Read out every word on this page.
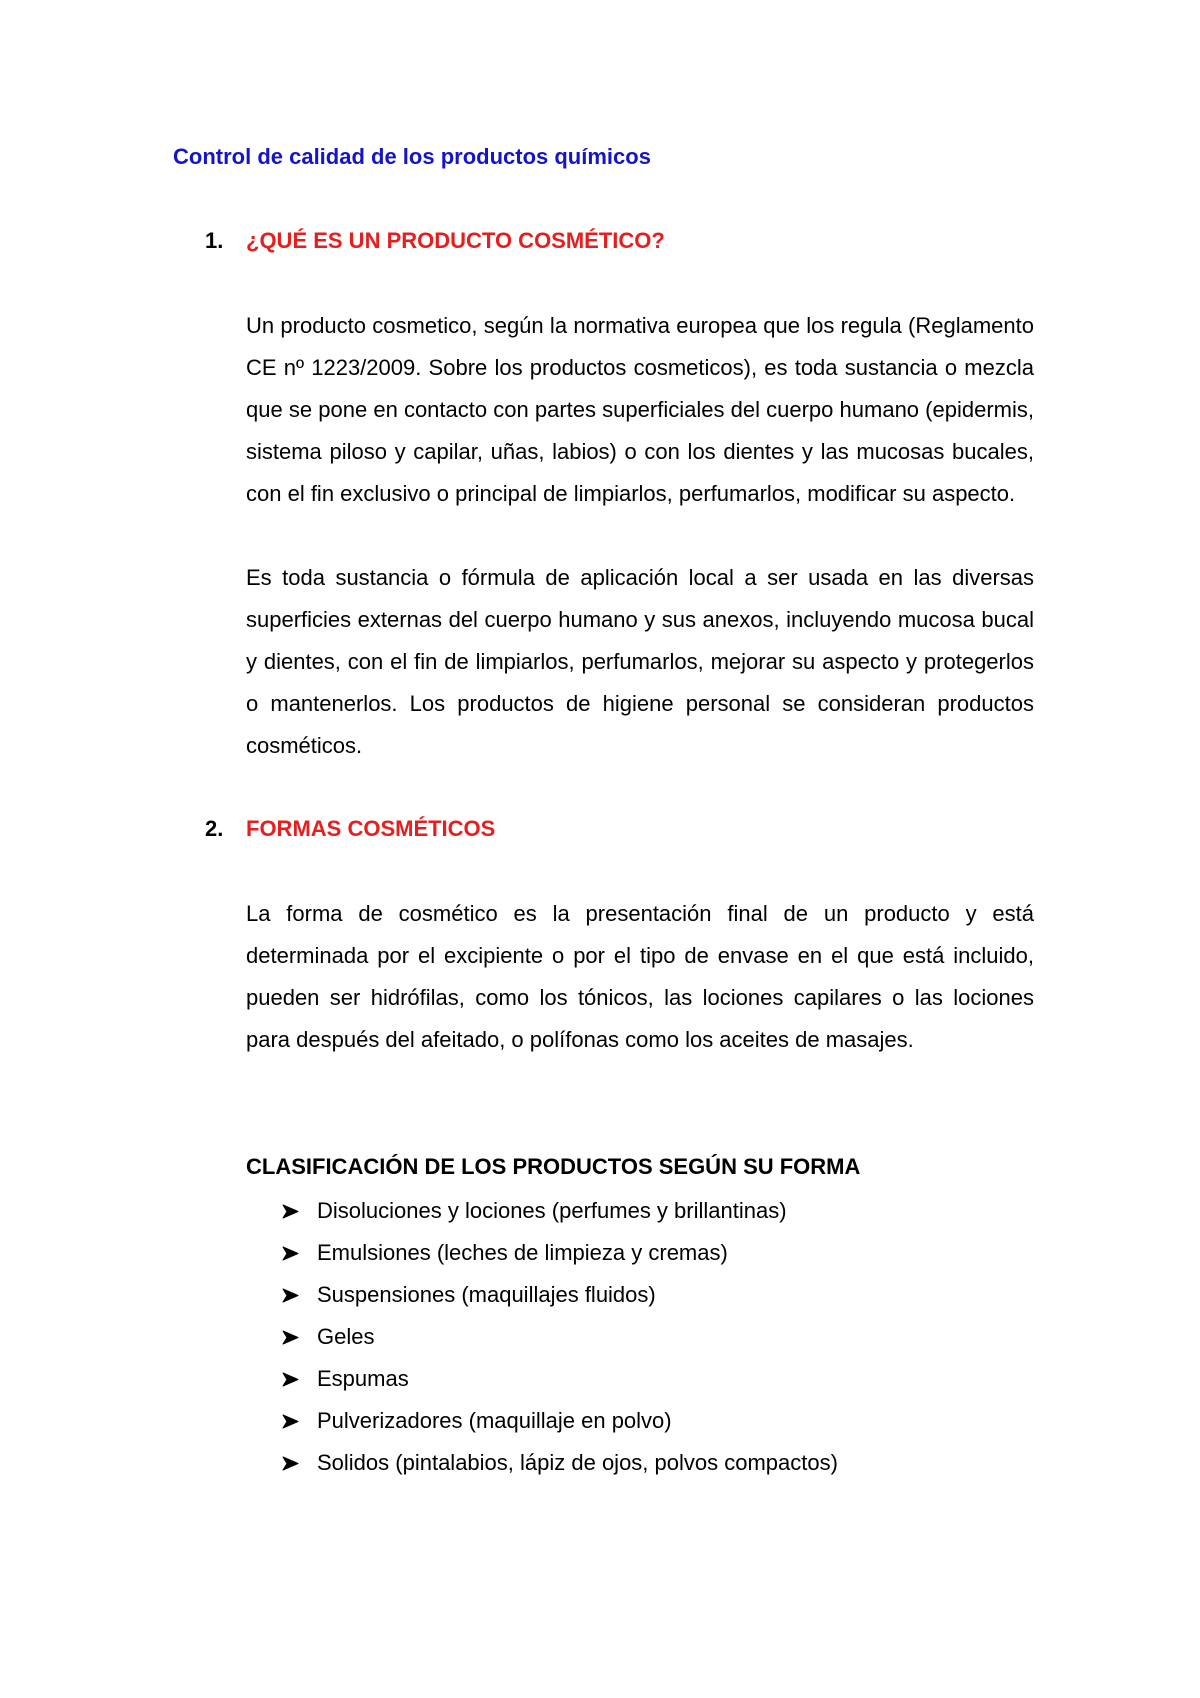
Control de calidad de los productos químicos
1. ¿QUÉ ES UN PRODUCTO COSMÉTICO?

Un producto cosmetico, según la normativa europea que los regula (Reglamento CE nº 1223/2009. Sobre los productos cosmeticos), es toda sustancia o mezcla que se pone en contacto con partes superficiales del cuerpo humano (epidermis, sistema piloso y capilar, uñas, labios) o con los dientes y las mucosas bucales, con el fin exclusivo o principal de limpiarlos, perfumarlos, modificar su aspecto.

Es toda sustancia o fórmula de aplicación local a ser usada en las diversas superficies externas del cuerpo humano y sus anexos, incluyendo mucosa bucal y dientes, con el fin de limpiarlos, perfumarlos, mejorar su aspecto y protegerlos o mantenerlos. Los productos de higiene personal se consideran productos cosméticos.

2. FORMAS COSMÉTICOS

La forma de cosmético es la presentación final de un producto y está determinada por el excipiente o por el tipo de envase en el que está incluido, pueden ser hidrófilas, como los tónicos, las lociones capilares o las lociones para después del afeitado, o polífonas como los aceites de masajes.

CLASIFICACIÓN DE LOS PRODUCTOS SEGÚN SU FORMA
Disoluciones y lociones (perfumes y brillantinas)
Emulsiones (leches de limpieza y cremas)
Suspensiones (maquillajes fluidos)
Geles
Espumas
Pulverizadores (maquillaje en polvo)
Solidos (pintalabios, lápiz de ojos, polvos compactos)
